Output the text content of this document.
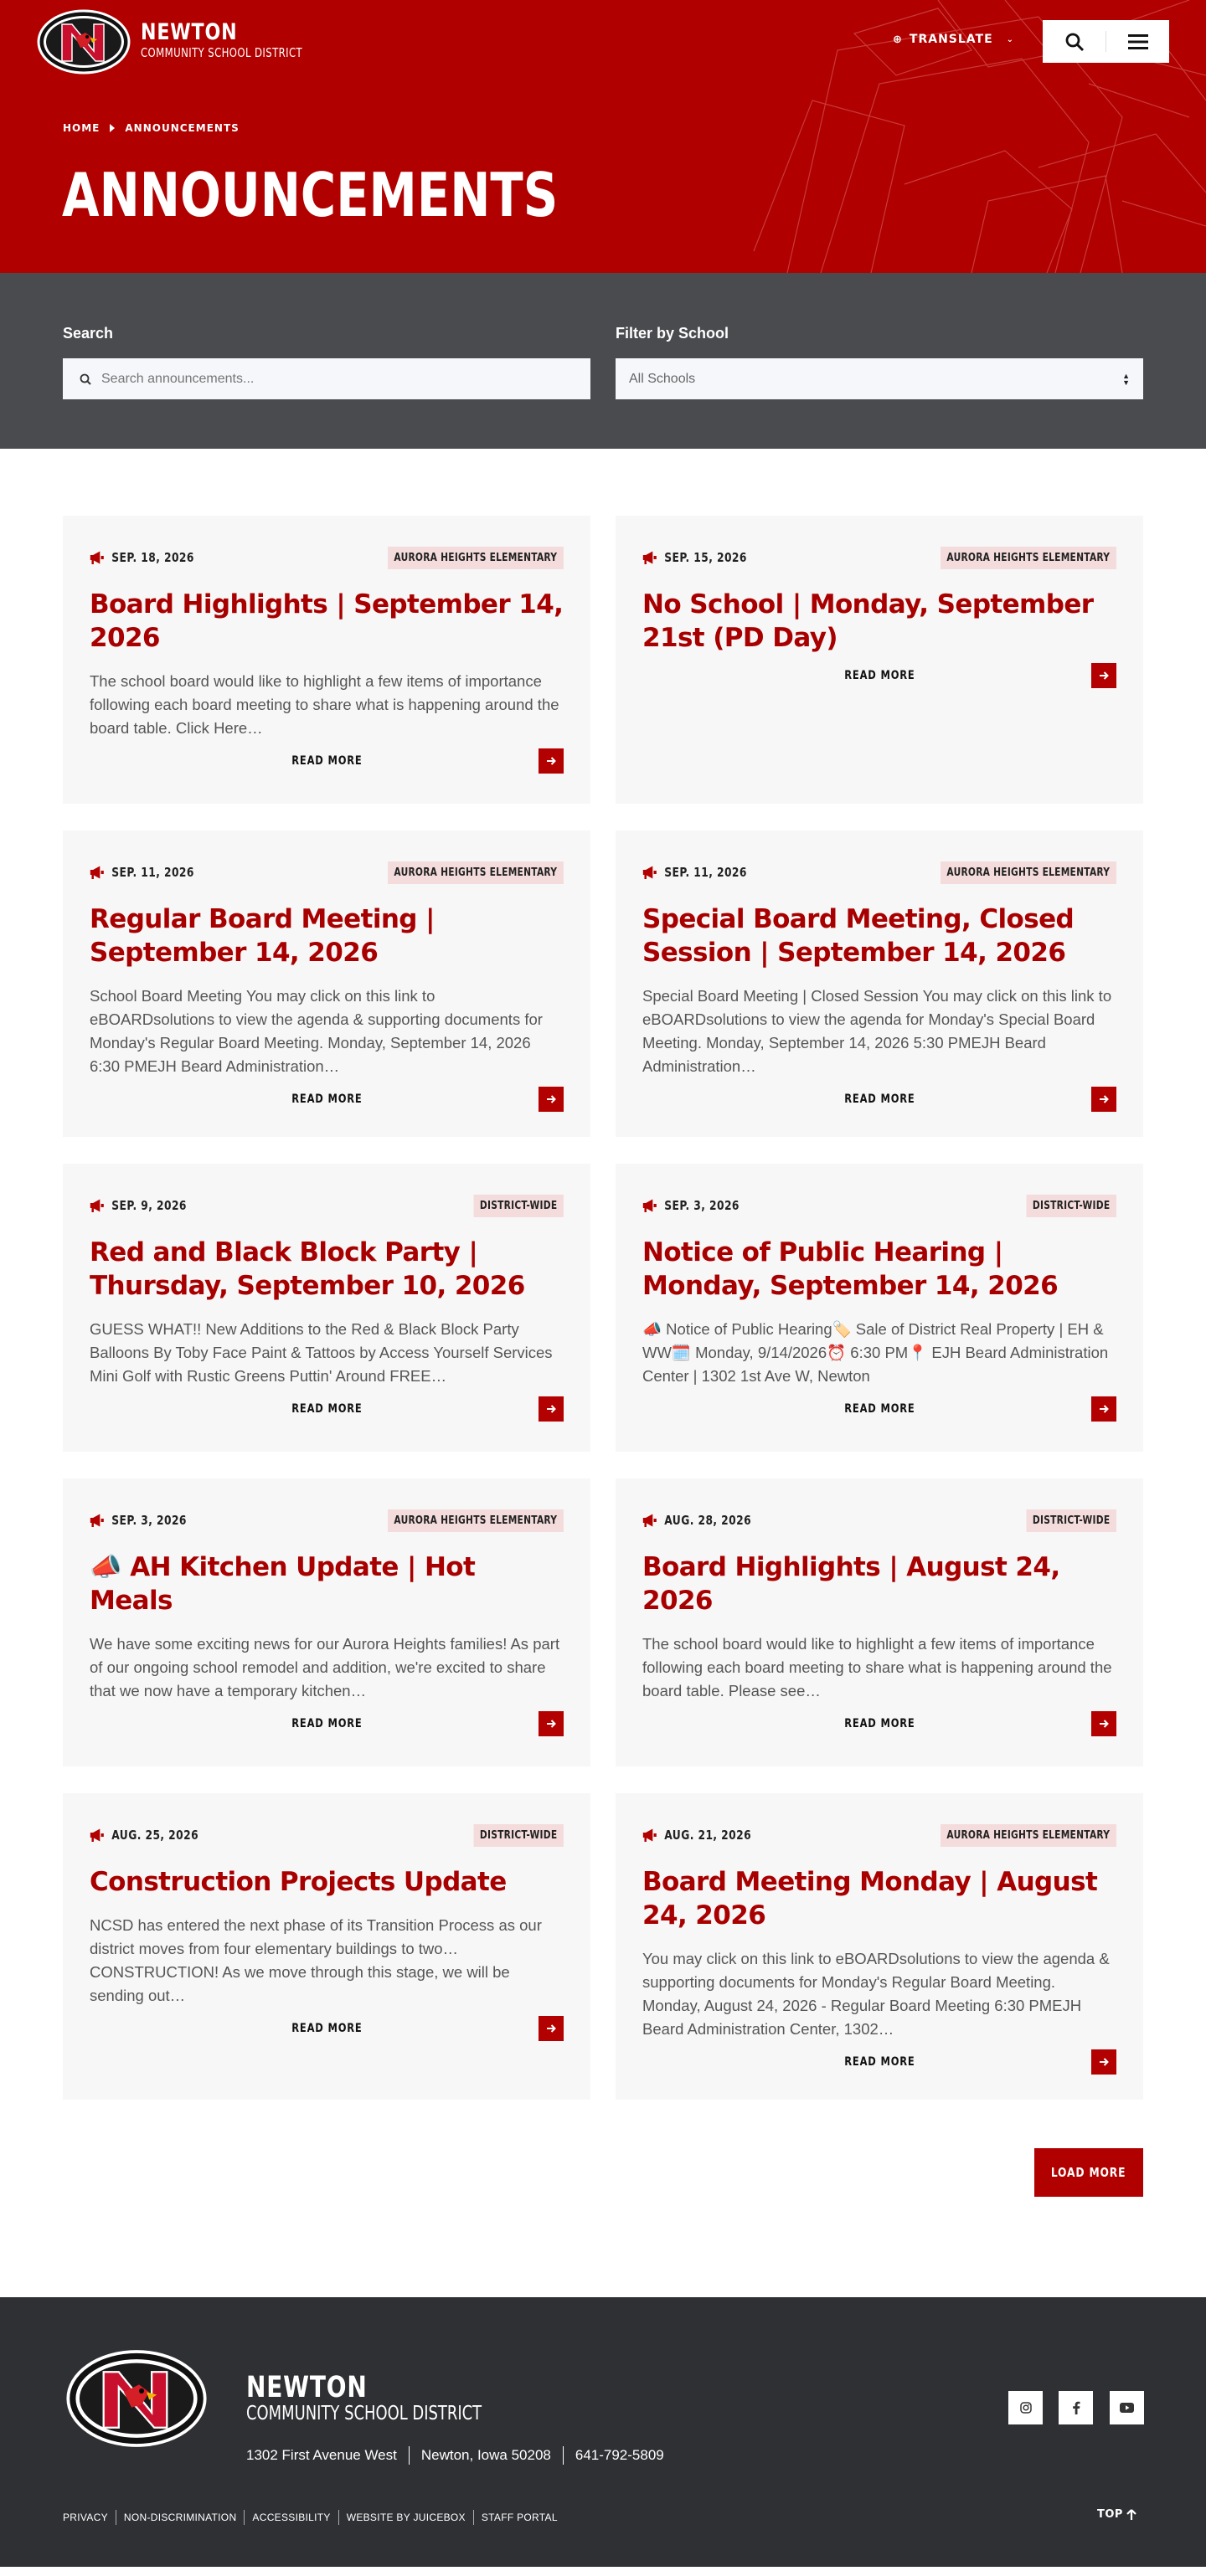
NEWTON
COMMUNITY SCHOOL DISTRICT
⊕ TRANSLATE ⌄
HOME	ANNOUNCEMENTS
ANNOUNCEMENTS
Search
Search announcements...	Filter by School
All Schools	▲
▼
SEP. 18, 2026	AURORA HEIGHTS ELEMENTARY
Board Highlights | September 14, 2026

The school board would like to highlight a few items of importance following each board meeting to share what is happening around the board table. Click Here…

READ MORE
SEP. 15, 2026	AURORA HEIGHTS ELEMENTARY
No School | Monday, September 21st (PD Day)
READ MORE
SEP. 11, 2026	AURORA HEIGHTS ELEMENTARY
Regular Board Meeting | September 14, 2026

School Board Meeting You may click on this link to eBOARDsolutions to view the agenda & supporting documents for Monday's Regular Board Meeting. Monday, September 14, 2026 6:30 PMEJH Beard Administration…

READ MORE
SEP. 11, 2026	AURORA HEIGHTS ELEMENTARY
Special Board Meeting, Closed Session | September 14, 2026

Special Board Meeting | Closed Session You may click on this link to eBOARDsolutions to view the agenda for Monday's Special Board Meeting. Monday, September 14, 2026 5:30 PMEJH Beard Administration…

READ MORE
SEP. 9, 2026	DISTRICT-WIDE
Red and Black Block Party | Thursday, September 10, 2026

GUESS WHAT!! New Additions to the Red & Black Block Party Balloons By Toby Face Paint & Tattoos by Access Yourself Services Mini Golf with Rustic Greens Puttin' Around FREE…

READ MORE
SEP. 3, 2026	DISTRICT-WIDE
Notice of Public Hearing | Monday, September 14, 2026

📣 Notice of Public Hearing🏷️ Sale of District Real Property | EH & WW🗓️ Monday, 9/14/2026⏰ 6:30 PM📍 EJH Beard Administration Center | 1302 1st Ave W, Newton

READ MORE
SEP. 3, 2026	AURORA HEIGHTS ELEMENTARY
📣 AH Kitchen Update | Hot Meals

We have some exciting news for our Aurora Heights families! As part of our ongoing school remodel and addition, we're excited to share that we now have a temporary kitchen…

READ MORE
AUG. 28, 2026	DISTRICT-WIDE
Board Highlights | August 24, 2026

The school board would like to highlight a few items of importance following each board meeting to share what is happening around the board table. Please see…

READ MORE
AUG. 25, 2026	DISTRICT-WIDE
Construction Projects Update

NCSD has entered the next phase of its Transition Process as our district moves from four elementary buildings to two…CONSTRUCTION! As we move through this stage, we will be sending out…

READ MORE
AUG. 21, 2026	AURORA HEIGHTS ELEMENTARY
Board Meeting Monday | August 24, 2026

You may click on this link to eBOARDsolutions to view the agenda & supporting documents for Monday's Regular Board Meeting. Monday, August 24, 2026 - Regular Board Meeting 6:30 PMEJH Beard Administration Center, 1302…

READ MORE
LOAD MORE
NEWTON
COMMUNITY SCHOOL DISTRICT
1302 First Avenue West	Newton, Iowa 50208	641-792-5809
PRIVACY	NON-DISCRIMINATION	ACCESSIBILITY	WEBSITE BY JUICEBOX	STAFF PORTAL	TOP
